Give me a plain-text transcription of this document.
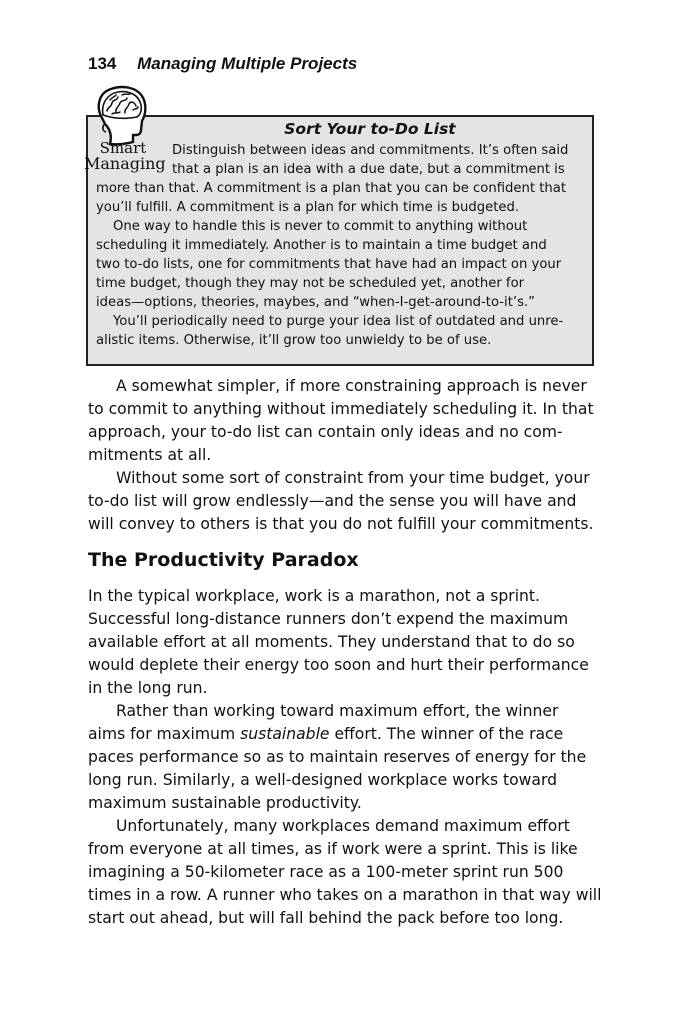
134 Managing Multiple Projects
Smart
Managing
Sort Your to-Do List
Distinguish between ideas and commitments. It’s often said
that a plan is an idea with a due date, but a commitment is
more than that. A commitment is a plan that you can be confident that
you’ll fulfill. A commitment is a plan for which time is budgeted.
One way to handle this is never to commit to anything without
scheduling it immediately. Another is to maintain a time budget and
two to-do lists, one for commitments that have had an impact on your
time budget, though they may not be scheduled yet, another for
ideas—options, theories, maybes, and “when-I-get-around-to-it’s.”
You’ll periodically need to purge your idea list of outdated and unre-
alistic items. Otherwise, it’ll grow too unwieldy to be of use.
A somewhat simpler, if more constraining approach is never
to commit to anything without immediately scheduling it. In that
approach, your to-do list can contain only ideas and no com-
mitments at all.
Without some sort of constraint from your time budget, your
to-do list will grow endlessly—and the sense you will have and
will convey to others is that you do not fulfill your commitments.
The Productivity Paradox
In the typical workplace, work is a marathon, not a sprint.
Successful long-distance runners don’t expend the maximum
available effort at all moments. They understand that to do so
would deplete their energy too soon and hurt their performance
in the long run.
Rather than working toward maximum effort, the winner
aims for maximum sustainable effort. The winner of the race
paces performance so as to maintain reserves of energy for the
long run. Similarly, a well-designed workplace works toward
maximum sustainable productivity.
Unfortunately, many workplaces demand maximum effort
from everyone at all times, as if work were a sprint. This is like
imagining a 50-kilometer race as a 100-meter sprint run 500
times in a row. A runner who takes on a marathon in that way will
start out ahead, but will fall behind the pack before too long.
